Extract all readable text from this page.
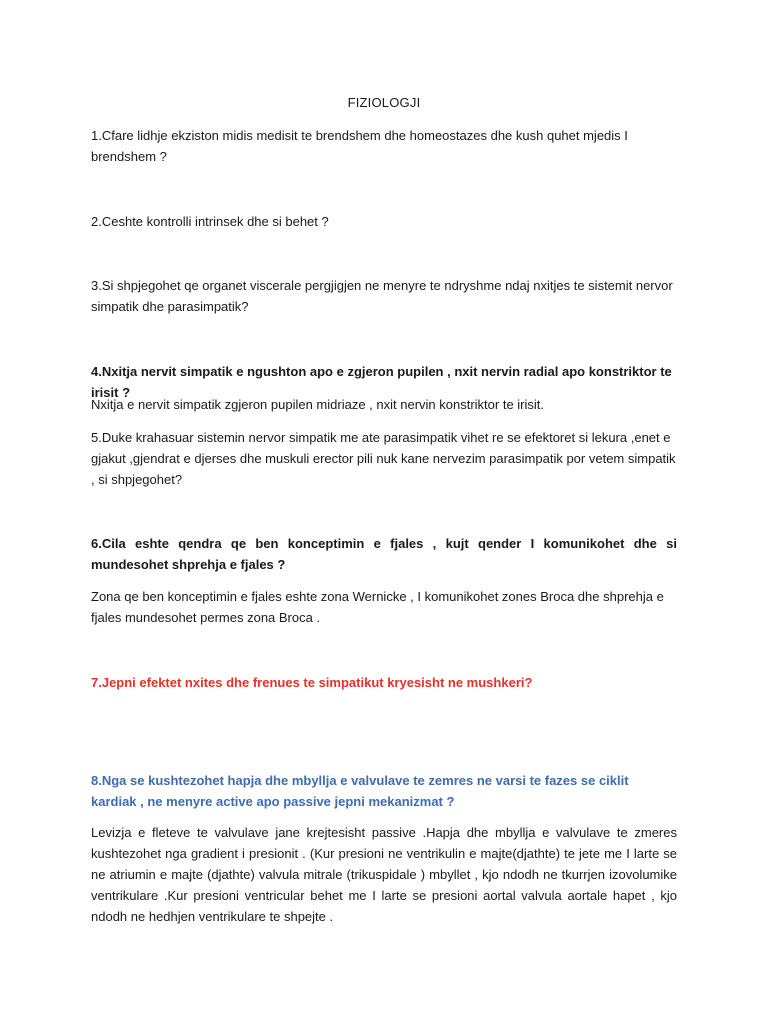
FIZIOLOGJI
1.Cfare lidhje ekziston midis medisit te brendshem dhe homeostazes dhe kush quhet mjedis I brendshem ?
2.Ceshte kontrolli intrinsek dhe si behet ?
3.Si shpjegohet qe organet viscerale pergjigjen ne menyre te ndryshme ndaj nxitjes te sistemit nervor simpatik dhe parasimpatik?
4.Nxitja nervit simpatik e ngushton apo e zgjeron pupilen , nxit nervin radial apo konstriktor te irisit ?
Nxitja e nervit simpatik zgjeron pupilen midriaze , nxit nervin konstriktor te irisit.
5.Duke krahasuar sistemin nervor simpatik me ate parasimpatik vihet re se efektoret si lekura ,enet e gjakut ,gjendrat e djerses dhe muskuli erector pili nuk kane nervezim parasimpatik por vetem simpatik , si shpjegohet?
6.Cila eshte qendra qe ben konceptimin e fjales , kujt qender I komunikohet dhe si mundesohet shprehja e fjales ?
Zona qe ben konceptimin e fjales eshte zona Wernicke , I komunikohet zones Broca dhe shprehja e fjales mundesohet permes zona Broca .
7.Jepni efektet nxites dhe frenues te simpatikut kryesisht ne mushkeri?
8.Nga se kushtezohet hapja dhe mbyllja e valvulave te zemres ne varsi te fazes se ciklit kardiak , ne menyre active apo passive jepni mekanizmat ?
Levizja e fleteve te valvulave jane krejtesisht passive .Hapja dhe mbyllja e valvulave te zmeres kushtezohet nga gradient i presionit . (Kur presioni ne ventrikulin e majte(djathte) te jete me I larte se ne atriumin e majte (djathte) valvula mitrale (trikuspidale ) mbyllet , kjo ndodh ne tkurrjen izovolumike ventrikulare .Kur presioni ventricular behet me I larte se presioni aortal valvula aortale hapet , kjo ndodh ne hedhjen ventrikulare te shpejte .
